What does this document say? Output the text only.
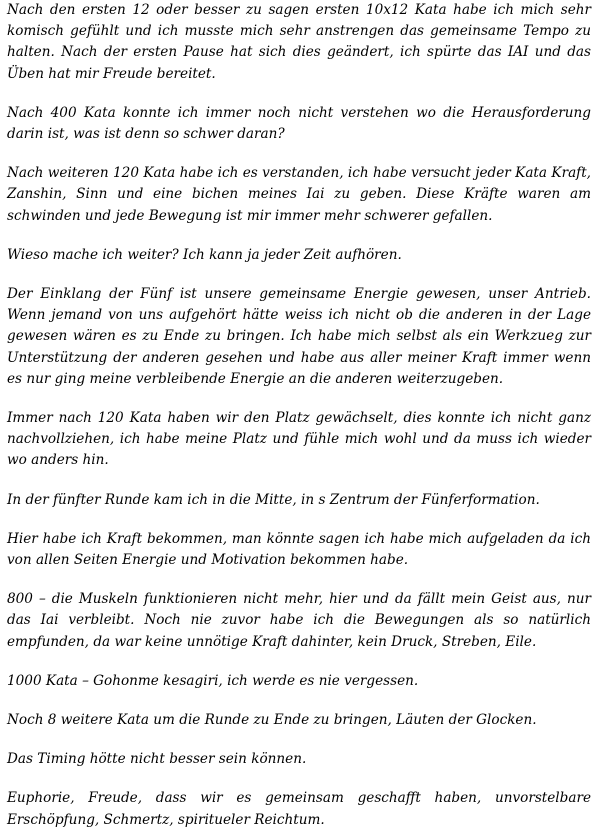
Nach den ersten 12 oder besser zu sagen ersten 10x12 Kata habe ich mich sehr komisch gefühlt und ich musste mich sehr anstrengen das gemeinsame Tempo zu halten. Nach der ersten Pause hat sich dies geändert, ich spürte das IAI und das Üben hat mir Freude bereitet.

Nach 400 Kata konnte ich immer noch nicht verstehen wo die Herausforderung darin ist, was ist denn so schwer daran?

Nach weiteren 120 Kata habe ich es verstanden, ich habe versucht jeder Kata Kraft, Zanshin, Sinn und eine bichen meines Iai zu geben. Diese Kräfte waren am schwinden und jede Bewegung ist mir immer mehr schwerer gefallen.

Wieso mache ich weiter? Ich kann ja jeder Zeit aufhören.

Der Einklang der Fünf ist unsere gemeinsame Energie gewesen, unser Antrieb. Wenn jemand von uns aufgehört hätte weiss ich nicht ob die anderen in der Lage gewesen wären es zu Ende zu bringen. Ich habe mich selbst als ein Werkzueg zur Unterstützung der anderen gesehen und habe aus aller meiner Kraft immer wenn es nur ging meine verbleibende Energie an die anderen weiterzugeben.

Immer nach 120 Kata haben wir den Platz gewächselt, dies konnte ich nicht ganz nachvollziehen, ich habe meine Platz und fühle mich wohl und da muss ich wieder wo anders hin.

In der fünfter Runde kam ich in die Mitte, in s Zentrum der Fünferformation.

Hier habe ich Kraft bekommen, man könnte sagen ich habe mich aufgeladen da ich von allen Seiten Energie und Motivation bekommen habe.

800 – die Muskeln funktionieren nicht mehr, hier und da fällt mein Geist aus, nur das Iai verbleibt. Noch nie zuvor habe ich die Bewegungen als so natürlich empfunden, da war keine unnötige Kraft dahinter, kein Druck, Streben, Eile.

1000 Kata – Gohonme kesagiri, ich werde es nie vergessen.

Noch 8 weitere Kata um die Runde zu Ende zu bringen, Läuten der Glocken.

Das Timing hötte nicht besser sein können.

Euphorie, Freude, dass wir es gemeinsam geschafft haben, unvorstelbare Erschöpfung, Schmertz, spiritueler Reichtum.
